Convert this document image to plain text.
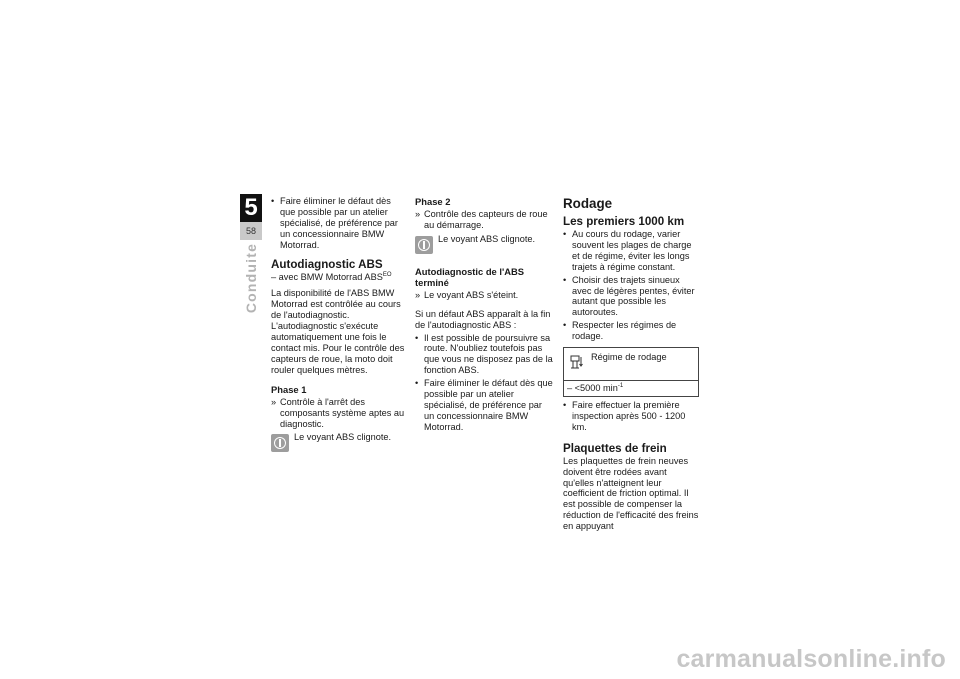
5
58
Conduite
• Faire éliminer le défaut dès que possible par un atelier spécialisé, de préférence par un concessionnaire BMW Motorrad.
Autodiagnostic ABS
– avec BMW Motorrad $ABS^{EO}$
La disponibilité de l'ABS BMW Motorrad est contrôlée au cours de l'autodiagnostic. L'autodiagnostic s'exécute automatiquement une fois le contact mis. Pour le contrôle des capteurs de roue, la moto doit rouler quelques mètres.
Phase 1
» Contrôle à l'arrêt des composants système aptes au diagnostic.
Le voyant ABS clignote.
Phase 2
» Contrôle des capteurs de roue au démarrage.
Le voyant ABS clignote.
Autodiagnostic de l'ABS terminé
» Le voyant ABS s'éteint.
Si un défaut ABS apparaît à la fin de l'autodiagnostic ABS :
• Il est possible de poursuivre sa route. N'oubliez toutefois pas que vous ne disposez pas de la fonction ABS.
• Faire éliminer le défaut dès que possible par un atelier spécialisé, de préférence par un concessionnaire BMW Motorrad.
Rodage
Les premiers 1000 km
• Au cours du rodage, varier souvent les plages de charge et de régime, éviter les longs trajets à régime constant.
• Choisir des trajets sinueux avec de légères pentes, éviter autant que possible les autoroutes.
• Respecter les régimes de rodage.
Régime de rodage
– <5000 $\min^{-1}$
• Faire effectuer la première inspection après 500 - 1200 km.
Plaquettes de frein
Les plaquettes de frein neuves doivent être rodées avant qu'elles n'atteignent leur coefficient de friction optimal. Il est possible de compenser la réduction de l'efficacité des freins en appuyant
carmanualsonline.info
